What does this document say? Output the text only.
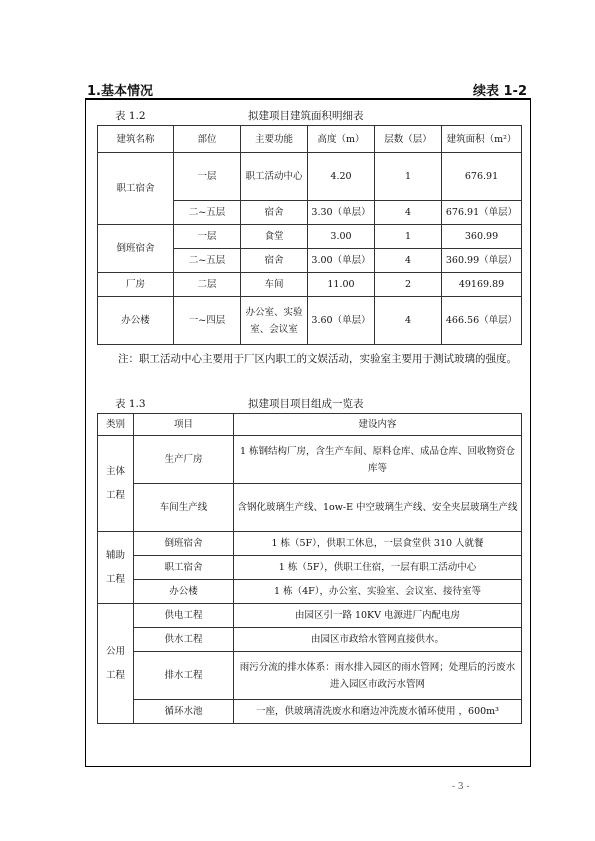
1.基本情况	续表 1-2
表 1.2	拟建项目建筑面积明细表
建筑名称	部位	主要功能	高度（m）	层数（层）	建筑面积（m²）
职工宿舍	一层	职工活动中心	4.20	1	676.91
	二~五层	宿舍	3.30（单层）	4	676.91（单层）
倒班宿舍	一层	食堂	3.00	1	360.99
	二~五层	宿舍	3.00（单层）	4	360.99（单层）
厂房	二层	车间	11.00	2	49169.89
办公楼	一~四层	办公室、实验室、会议室	3.60（单层）	4	466.56（单层）
注：职工活动中心主要用于厂区内职工的文娱活动，实验室主要用于测试玻璃的强度。
表 1.3	拟建项目项目组成一览表
类别	项目	建设内容
主体工程	生产厂房	1 栋钢结构厂房，含生产车间、原料仓库、成品仓库、回收物资仓库等
	车间生产线	含钢化玻璃生产线、1ow-E 中空玻璃生产线、安全夹层玻璃生产线
辅助工程	倒班宿舍	1 栋（5F），供职工休息，一层食堂供 310 人就餐
	职工宿舍	1 栋（5F），供职工住宿，一层有职工活动中心
	办公楼	1 栋（4F），办公室、实验室、会议室、接待室等
公用工程	供电工程	由园区引一路 10KV 电源进厂内配电房
	供水工程	由园区市政给水管网直接供水。
	排水工程	雨污分流的排水体系：雨水排入园区的雨水管网；处理后的污废水进入园区市政污水管网
	循环水池	一座，供玻璃清洗废水和磨边冲洗废水循环使用 ，600m³
- 3 -
